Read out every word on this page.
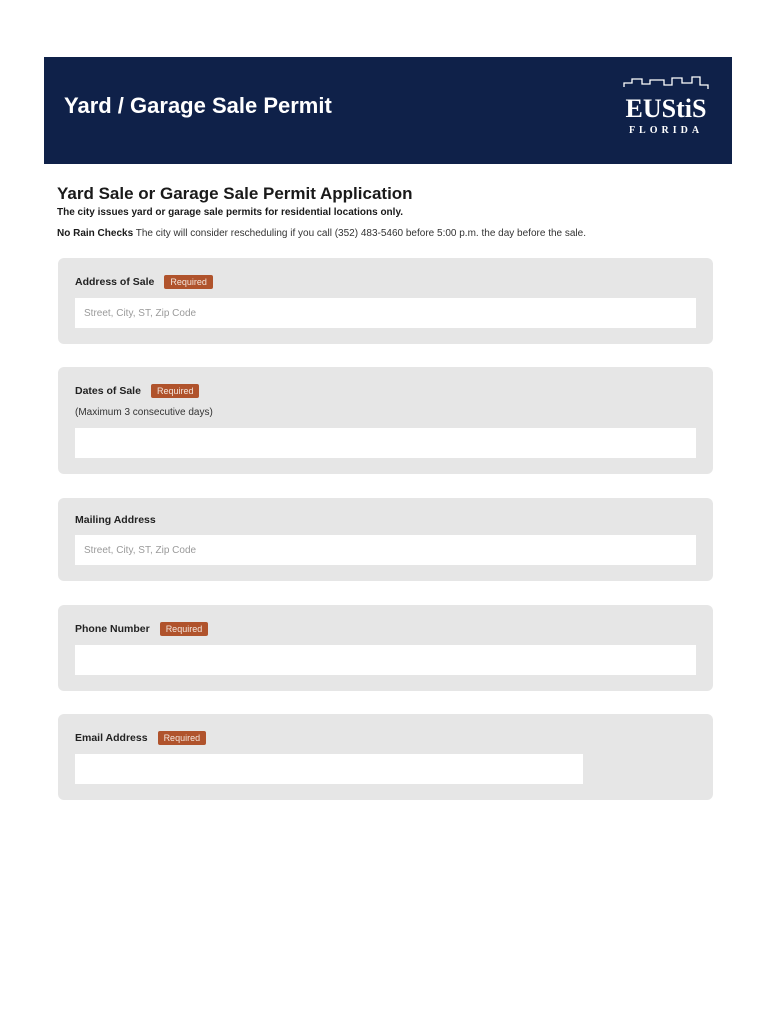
Yard / Garage Sale Permit	EUStiS
FLORIDA
Yard Sale or Garage Sale Permit Application
The city issues yard or garage sale permits for residential locations only.
No Rain Checks The city will consider rescheduling if you call (352) 483-5460 before 5:00 p.m. the day before the sale.
Address of Sale	Required
Street, City, ST, Zip Code
Dates of Sale	Required
(Maximum 3 consecutive days)
Mailing Address
Street, City, ST, Zip Code
Phone Number	Required
Email Address	Required
